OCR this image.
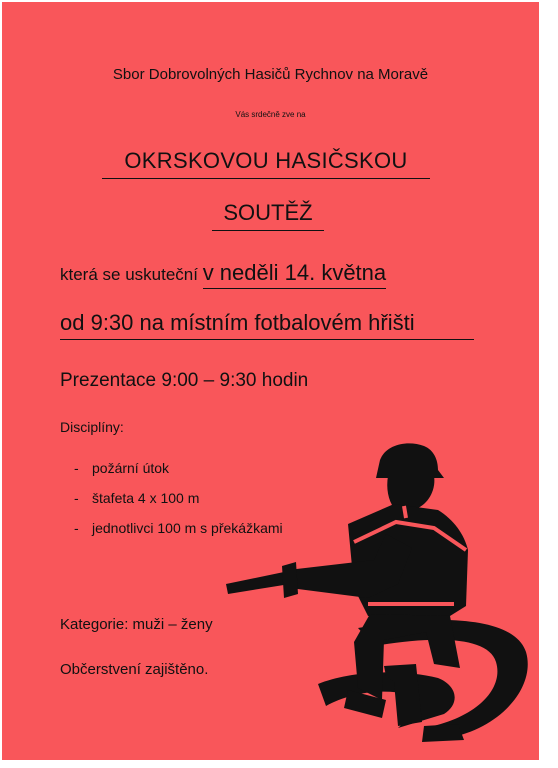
Sbor Dobrovolných Hasičů Rychnov na Moravě
Vás srdečně zve na
OKRSKOVOU HASIČSKOU
SOUTĚŽ
která se uskuteční v neděli 14. května
od 9:30 na místním fotbalovém hřišti
Prezentace 9:00 – 9:30 hodin
Disciplíny:
- požární útok
- štafeta 4 x 100 m
- jednotlivci 100 m s překážkami
Kategorie: muži – ženy
Občerstvení zajištěno.
